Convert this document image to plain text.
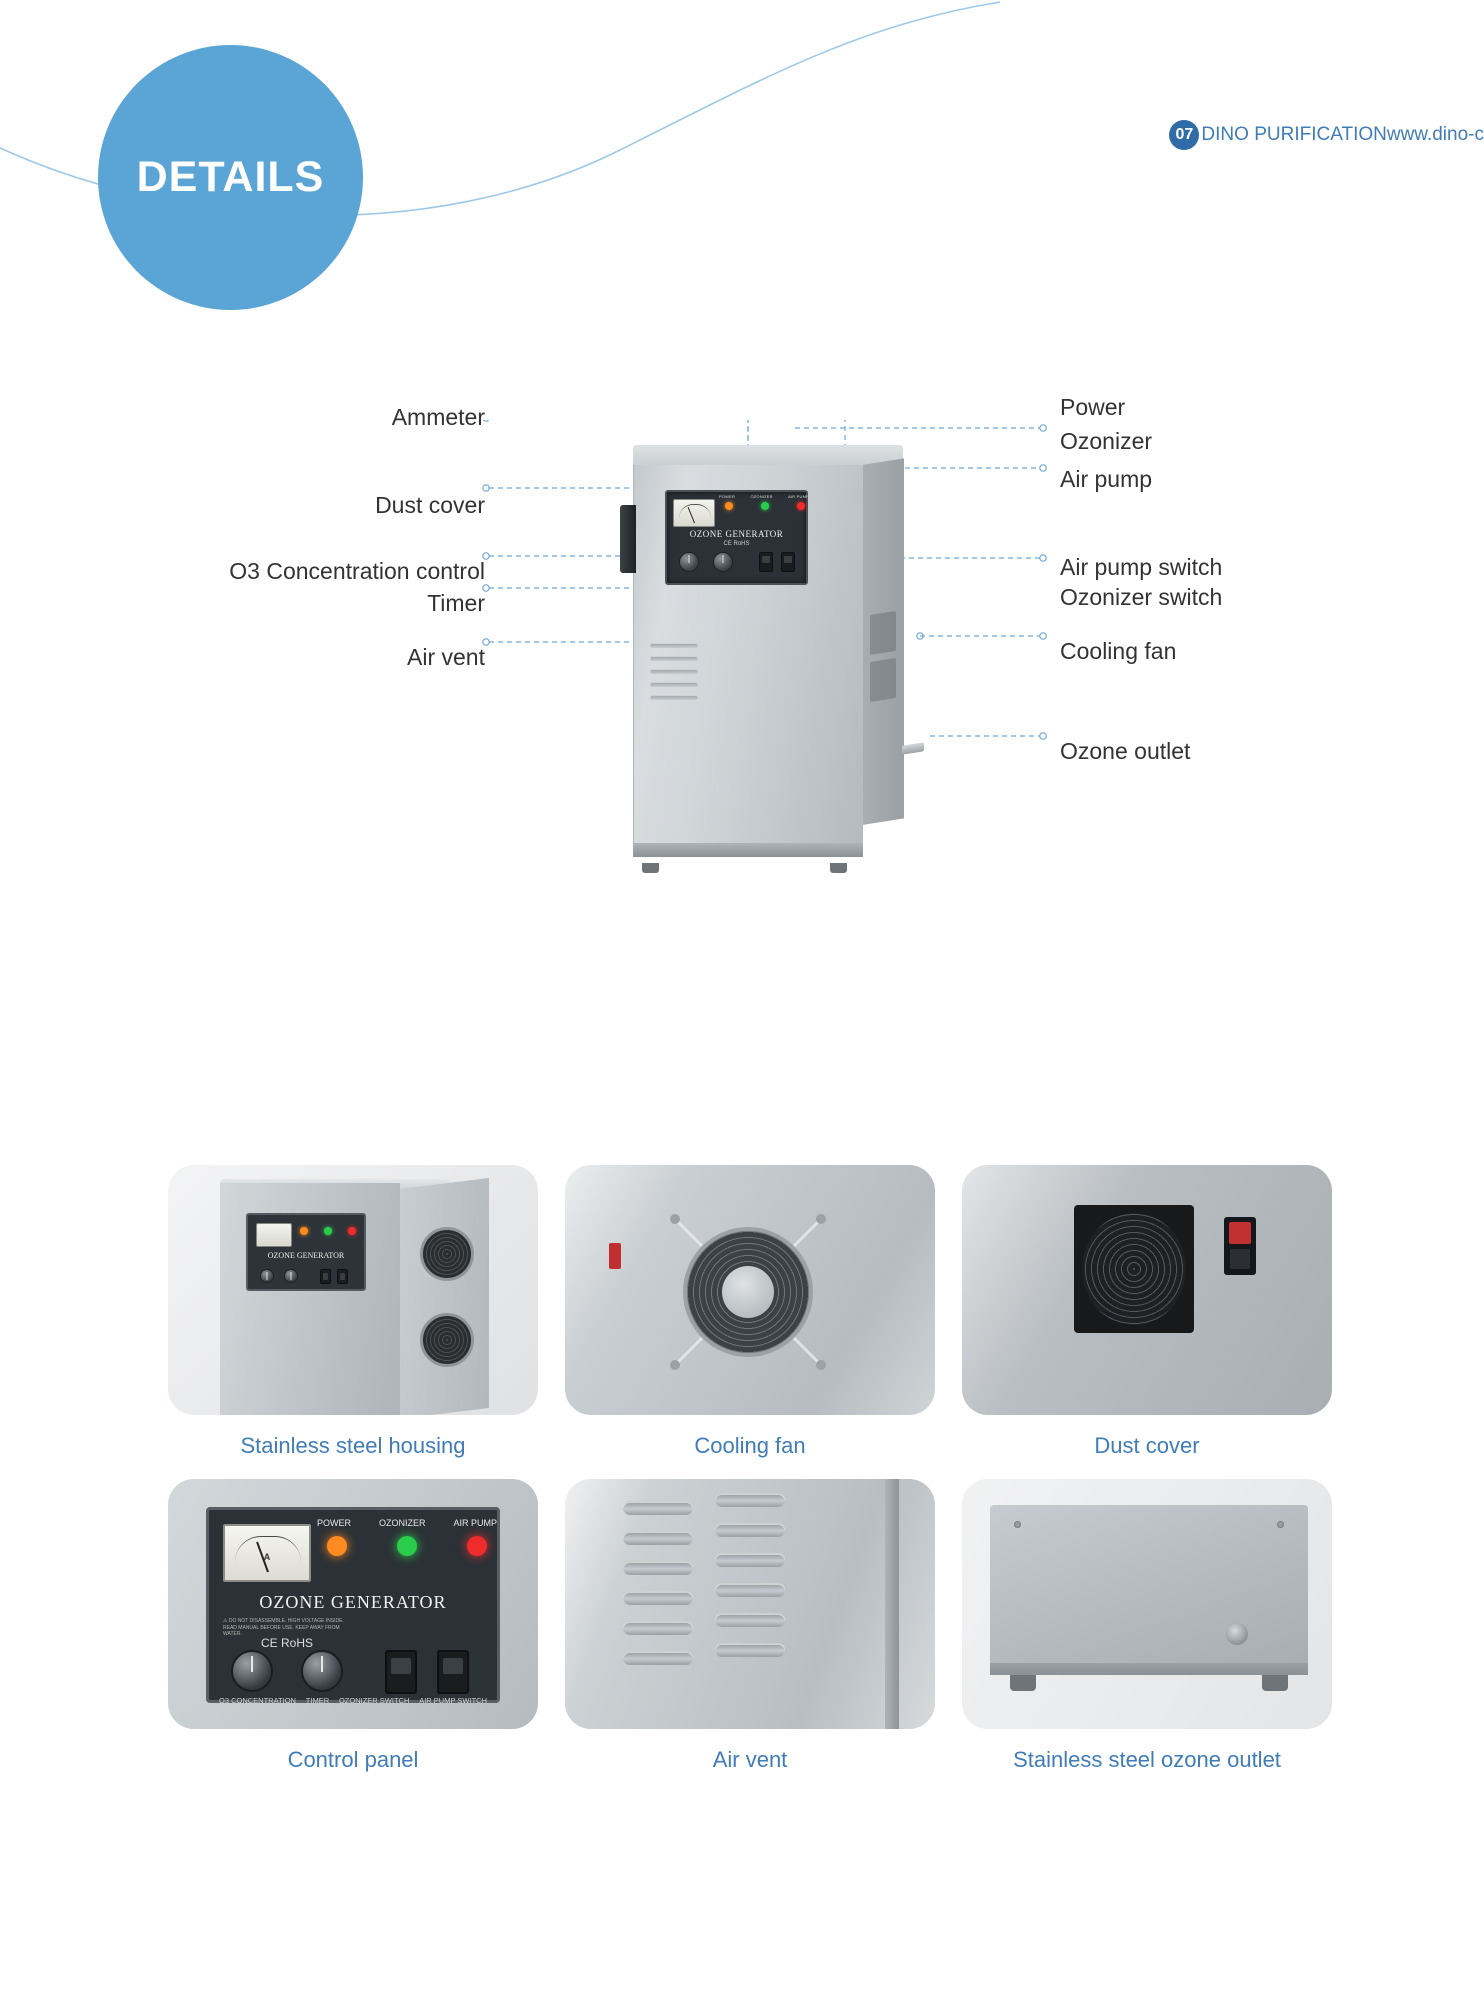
DETAILS
07 DINO PURIFICATIONwww.dino-c
Ammeter
Dust cover
O3 Concentration control
Timer
Air vent
Power
Ozonizer
Air pump
Air pump switch Ozonizer switch
Cooling fan
Ozone outlet
POWER	OZONIZER	AIR PUMP
OZONE GENERATOR
CE RoHS
OZONE GENERATOR
Stainless steel housing	Cooling fan	Dust cover
A
POWER	OZONIZER	AIR PUMP
OZONE GENERATOR
⚠ DO NOT DISASSEMBLE. HIGH VOLTAGE INSIDE. READ MANUAL BEFORE USE. KEEP AWAY FROM WATER.
CE RoHS
O3 CONCENTRATION TIMER OZONIZER SWITCH AIR PUMP SWITCH
Control panel	Air vent	Stainless steel ozone outlet
